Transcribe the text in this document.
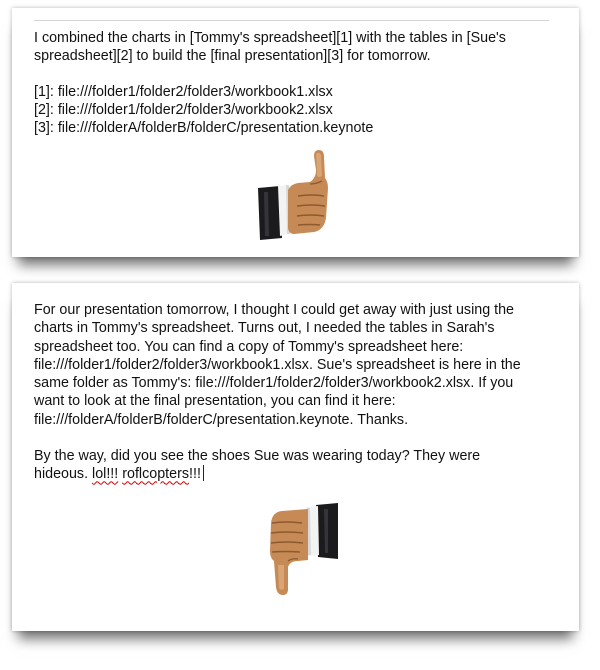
I combined the charts in [Tommy's spreadsheet][1] with the tables in [Sue's

spreadsheet][2] to build the [final presentation][3] for tomorrow.

[1]: file:///folder1/folder2/folder3/workbook1.xlsx

[2]: file:///folder1/folder2/folder3/workbook2.xlsx

[3]: file:///folderA/folderB/folderC/presentation.keynote

For our presentation tomorrow, I thought I could get away with just using the

charts in Tommy's spreadsheet. Turns out, I needed the tables in Sarah's

spreadsheet too. You can find a copy of Tommy's spreadsheet here:

file:///folder1/folder2/folder3/workbook1.xlsx. Sue's spreadsheet is here in the

same folder as Tommy's: file:///folder1/folder2/folder3/workbook2.xlsx. If you

want to look at the final presentation, you can find it here:

file:///folderA/folderB/folderC/presentation.keynote. Thanks.

By the way, did you see the shoes Sue was wearing today? They were

hideous. lol!!! roflcopters!!!
